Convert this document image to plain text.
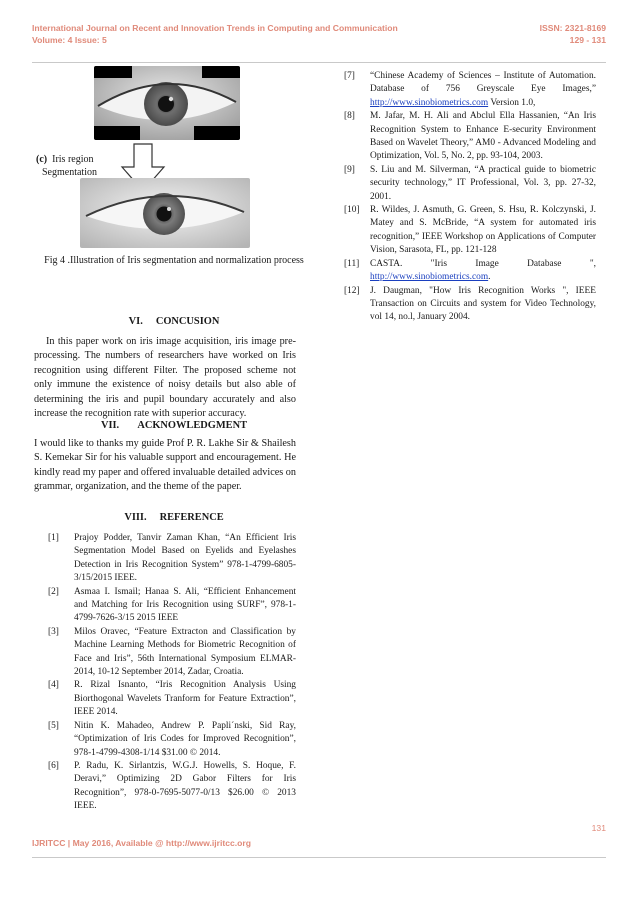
International Journal on Recent and Innovation Trends in Computing and Communication	ISSN: 2321-8169
Volume: 4 Issue: 5	129 - 131
(c) Iris region
Segmentation
Fig 4 .Illustration of Iris segmentation and normalization process
VI. CONCUSION
In this paper work on iris image acquisition, iris image pre-processing. The numbers of researchers have worked on Iris recognition using different Filter. The proposed scheme not only immune the existence of noisy details but also able of determining the iris and pupil boundary accurately and also increase the recognition rate with superior accuracy.
VII. ACKNOWLEDGMENT
I would like to thanks my guide Prof P. R. Lakhe Sir & Shailesh S. Kemekar Sir for his valuable support and encouragement. He kindly read my paper and offered invaluable detailed advices on grammar, organization, and the theme of the paper.
VIII. REFERENCE
[1]	Prajoy Podder, Tanvir Zaman Khan, “An Efficient Iris Segmentation Model Based on Eyelids and Eyelashes Detection in Iris Recognition System” 978-1-4799-6805-3/15/2015 IEEE.
[2]	Asmaa I. Ismail; Hanaa S. Ali, “Efficient Enhancement and Matching for Iris Recognition using SURF”, 978-1-4799-7626-3/15 2015 IEEE
[3]	Milos Oravec, “Feature Extracton and Classification by Machine Learning Methods for Biometric Recognition of Face and Iris”, 56th International Symposium ELMAR-2014, 10-12 September 2014, Zadar, Croatia.
[4]	R. Rizal Isnanto, “Iris Recognition Analysis Using Biorthogonal Wavelets Tranform for Feature Extraction”, IEEE 2014.
[5]	Nitin K. Mahadeo, Andrew P. Papli´nski, Sid Ray, “Optimization of Iris Codes for Improved Recognition”, 978-1-4799-4308-1/14 $31.00 © 2014.
[6]	P. Radu, K. Sirlantzis, W.G.J. Howells, S. Hoque, F. Deravi,” Optimizing 2D Gabor Filters for Iris Recognition”, 978-0-7695-5077-0/13 $26.00 © 2013 IEEE.
[7]	“Chinese Academy of Sciences – Institute of Automation. Database of 756 Greyscale Eye Images,” http://www.sinobiometrics.com Version 1.0,
[8]	M. Jafar, M. H. Ali and Abclul Ella Hassanien, “An Iris Recognition System to Enhance E-security Environment Based on Wavelet Theory,” AM0 - Advanced Modeling and Optimization, Vol. 5, No. 2, pp. 93-104, 2003.
[9]	S. Liu and M. Silverman, “A practical guide to biometric security technology,” IT Professional, Vol. 3, pp. 27-32, 2001.
[10]	R. Wildes, J. Asmuth, G. Green, S. Hsu, R. Kolczynski, J. Matey and S. McBride, “A system for automated iris recognition,” IEEE Workshop on Applications of Computer Vision, Sarasota, FL, pp. 121-128
[11]	CASTA. "Iris Image Database ", http://www.sinobiometrics.com.
[12]	J. Daugman, "How Iris Recognition Works ", IEEE Transaction on Circuits and system for Video Technology, vol 14, no.l, January 2004.
131
IJRITCC | May 2016, Available @ http://www.ijritcc.org
